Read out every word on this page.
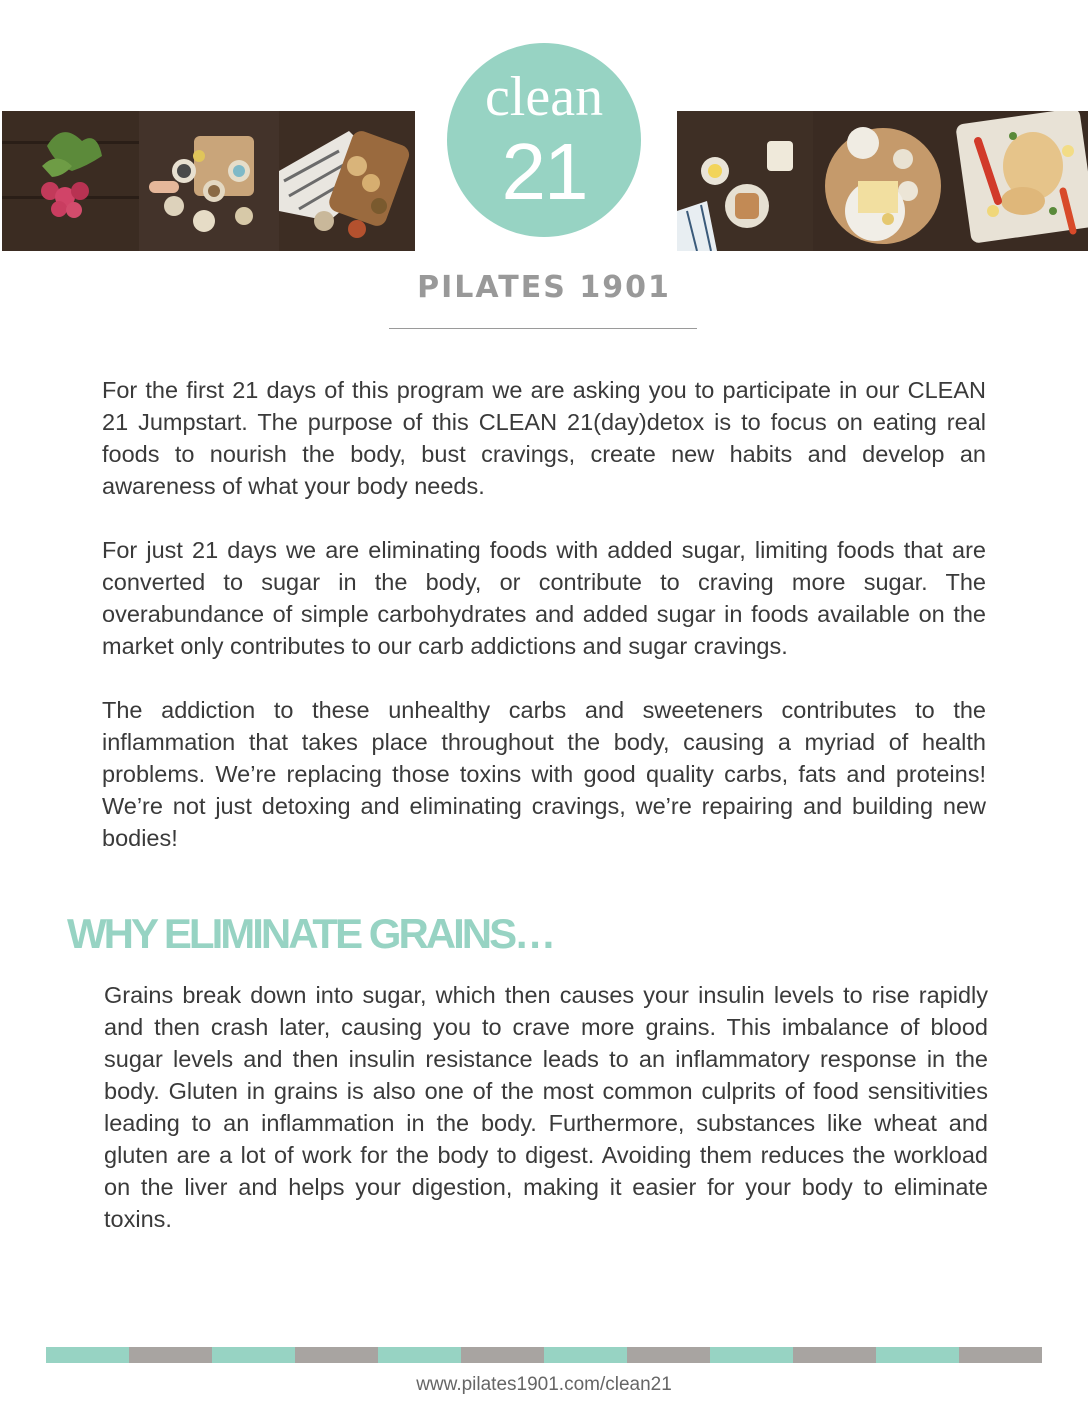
clean
21
PILATES 1901

For the first 21 days of this program we are asking you to participate in our CLEAN 21 Jumpstart. The purpose of this CLEAN 21(day)detox is to focus on eating real foods to nourish the body, bust cravings, create new habits and develop an awareness of what your body needs.

For just 21 days we are eliminating foods with added sugar, limiting foods that are converted to sugar in the body, or contribute to craving more sugar. The overabundance of simple carbohydrates and added sugar in foods available on the market only contributes to our carb addictions and sugar cravings.

The addiction to these unhealthy carbs and sweeteners contributes to the inflammation that takes place throughout the body, causing a myriad of health problems. We’re replacing those toxins with good quality carbs, fats and proteins! We’re not just detoxing and eliminating cravings, we’re repairing and building new bodies!

WHY ELIMINATE GRAINS…

Grains break down into sugar, which then causes your insulin levels to rise rapidly and then crash later, causing you to crave more grains. This imbalance of blood sugar levels and then insulin resistance leads to an inflammatory response in the body. Gluten in grains is also one of the most common culprits of food sensitivities leading to an inflammation in the body. Furthermore, substances like wheat and gluten are a lot of work for the body to digest. Avoiding them reduces the workload on the liver and helps your digestion, making it easier for your body to eliminate toxins.

www.pilates1901.com/clean21
